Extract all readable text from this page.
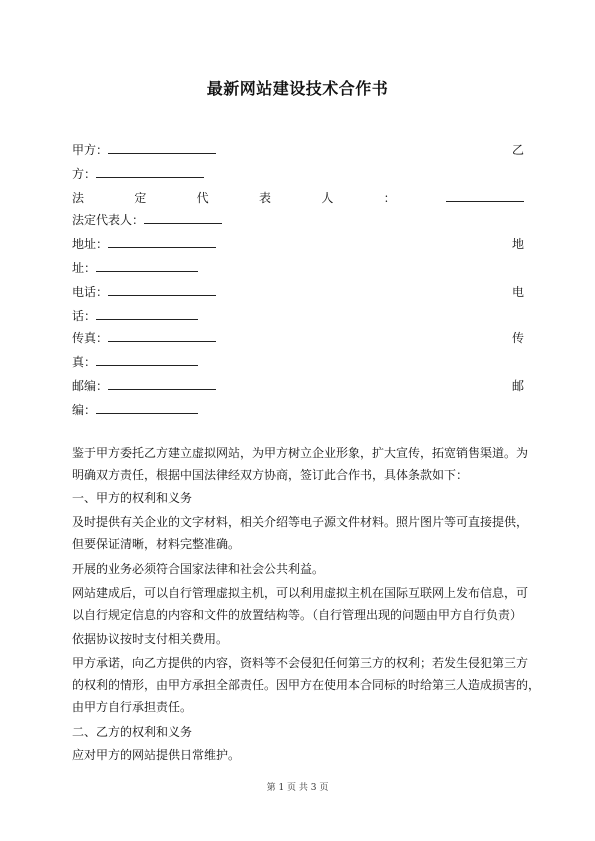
最新网站建设技术合作书
甲方：	乙
方：
法	定	代	表	人	：
法定代表人：
地址：	地
址：
电话：	电
话：
传真：	传
真：
邮编：	邮
编：
鉴于甲方委托乙方建立虚拟网站，为甲方树立企业形象，扩大宣传，拓宽销售渠道。为
明确双方责任，根据中国法律经双方协商，签订此合作书，具体条款如下：
一、甲方的权利和义务
及时提供有关企业的文字材料，相关介绍等电子源文件材料。照片图片等可直接提供，
但要保证清晰，材料完整准确。
开展的业务必须符合国家法律和社会公共利益。
网站建成后，可以自行管理虚拟主机，可以利用虚拟主机在国际互联网上发布信息，可
以自行规定信息的内容和文件的放置结构等。（自行管理出现的问题由甲方自行负责）
依据协议按时支付相关费用。
甲方承诺，向乙方提供的内容，资料等不会侵犯任何第三方的权利；若发生侵犯第三方
的权利的情形，由甲方承担全部责任。因甲方在使用本合同标的时给第三人造成损害的，
由甲方自行承担责任。
二、乙方的权利和义务
应对甲方的网站提供日常维护。
第 1 页 共 3 页
